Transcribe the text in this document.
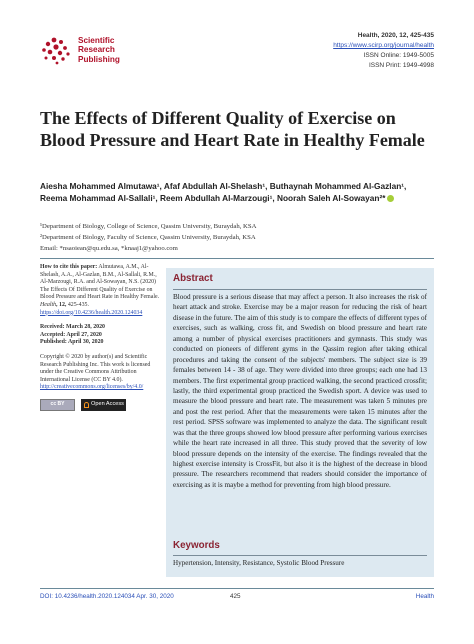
Scientific
Research
Publishing
Health, 2020, 12, 425-435
https://www.scirp.org/journal/health
ISSN Online: 1949-5005
ISSN Print: 1949-4998
The Effects of Different Quality of Exercise on Blood Pressure and Heart Rate in Healthy Female
Aiesha Mohammed Almutawa¹, Afaf Abdullah Al-Shelash¹, Buthaynah Mohammed Al-Gazlan¹,
Reema Mohammad Al-Sallali¹, Reem Abdullah Al-Marzougi¹, Noorah Saleh Al-Sowayan²*
¹Department of Biology, College of Science, Qassim University, Buraydah, KSA
²Department of Biology, Faculty of Science, Qassim University, Buraydah, KSA
Email: *nsaoiean@qu.edu.sa, *knaaj1@yahoo.com

How to cite this paper: Almutawa, A.M., Al-Shelash, A.A., Al-Gazlan, B.M., Al-Sallali, R.M., Al-Marzougi, R.A. and Al-Sowayan, N.S. (2020) The Effects Of Different Quality of Exercise on Blood Pressure and Heart Rate in Healthy Female. Health, 12, 425-435. https://doi.org/10.4236/health.2020.124034

Received: March 28, 2020
Accepted: April 27, 2020
Published: April 30, 2020

Copyright © 2020 by author(s) and Scientific Research Publishing Inc. This work is licensed under the Creative Commons Attribution International License (CC BY 4.0).
http://creativecommons.org/licenses/by/4.0/

cc BY	Open Access
Abstract
Blood pressure is a serious disease that may affect a person. It also increases the risk of heart attack and stroke. Exercise may be a major reason for reducing the risk of heart disease in the future. The aim of this study is to compare the effects of different types of exercises, such as walking, cross fit, and Swedish on blood pressure and heart rate among a number of physical exercises practitioners and gymnasts. This study was conducted on pioneers of different gyms in the Qassim region after taking ethical procedures and taking the consent of the subjects' members. The subject size is 39 females between 14 - 38 of age. They were divided into three groups; each one had 13 members. The first experimental group practiced walking, the second practiced crossfit; lastly, the third experimental group practiced the Swedish sport. A device was used to measure the blood pressure and heart rate. The measurement was taken 5 minutes pre and post the rest period. After that the measurements were taken 15 minutes after the rest period. SPSS software was implemented to analyze the data. The significant result was that the three groups showed low blood pressure after performing various exercises while the heart rate increased in all three. This study proved that the severity of low blood pressure depends on the intensity of the exercise. The findings revealed that the highest exercise intensity is CrossFit, but also it is the highest of the decrease in blood pressure. The researchers recommend that readers should consider the importance of exercising as it is maybe a method for preventing from high blood pressure.
Keywords
Hypertension, Intensity, Resistance, Systolic Blood Pressure
DOI: 10.4236/health.2020.124034 Apr. 30, 2020	425	Health
